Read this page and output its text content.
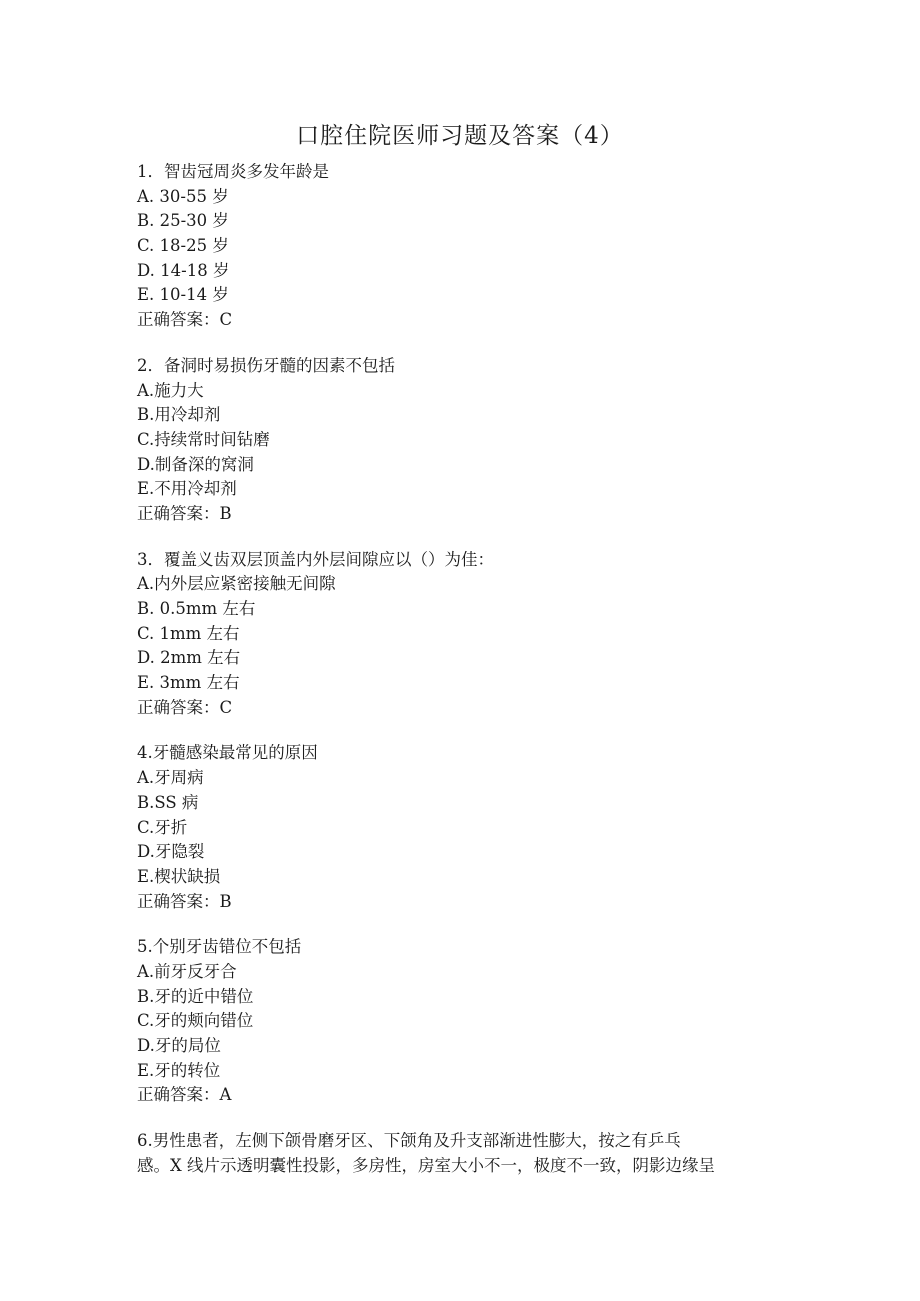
口腔住院医师习题及答案（4）
1．智齿冠周炎多发年龄是
A. 30-55 岁
B. 25-30 岁
C. 18-25 岁
D. 14-18 岁
E. 10-14 岁
正确答案：C
2．备洞时易损伤牙髓的因素不包括
A.施力大
B.用冷却剂
C.持续常时间钻磨
D.制备深的窝洞
E.不用冷却剂
正确答案：B
3．覆盖义齿双层顶盖内外层间隙应以（）为佳：
A.内外层应紧密接触无间隙
B. 0.5mm 左右
C. 1mm 左右
D. 2mm 左右
E. 3mm 左右
正确答案：C
4.牙髓感染最常见的原因
A.牙周病
B.SS 病
C.牙折
D.牙隐裂
E.楔状缺损
正确答案：B
5.个别牙齿错位不包括
A.前牙反牙合
B.牙的近中错位
C.牙的颊向错位
D.牙的局位
E.牙的转位
正确答案：A
6.男性患者，左侧下颌骨磨牙区、下颌角及升支部渐进性膨大，按之有乒乓
感。X 线片示透明囊性投影，多房性，房室大小不一，极度不一致，阴影边缘呈
